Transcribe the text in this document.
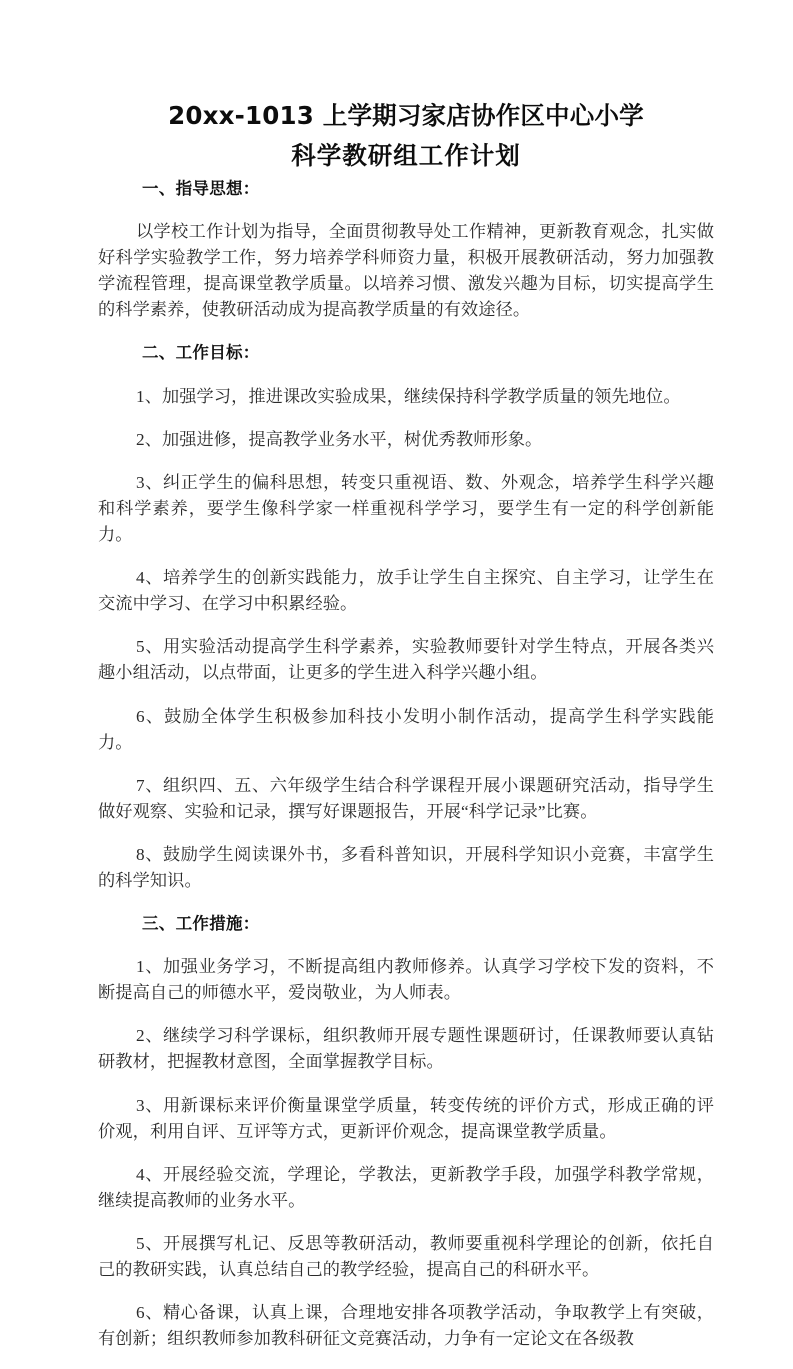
20xx-1013 上学期习家店协作区中心小学
科学教研组工作计划
一、指导思想：

以学校工作计划为指导，全面贯彻教导处工作精神，更新教育观念，扎实做好科学实验教学工作，努力培养学科师资力量，积极开展教研活动，努力加强教学流程管理，提高课堂教学质量。以培养习惯、激发兴趣为目标，切实提高学生的科学素养，使教研活动成为提高教学质量的有效途径。

二、工作目标：

1、加强学习，推进课改实验成果，继续保持科学教学质量的领先地位。

2、加强进修，提高教学业务水平，树优秀教师形象。

3、纠正学生的偏科思想，转变只重视语、数、外观念，培养学生科学兴趣和科学素养，要学生像科学家一样重视科学学习，要学生有一定的科学创新能力。

4、培养学生的创新实践能力，放手让学生自主探究、自主学习，让学生在交流中学习、在学习中积累经验。

5、用实验活动提高学生科学素养，实验教师要针对学生特点，开展各类兴趣小组活动，以点带面，让更多的学生进入科学兴趣小组。

6、鼓励全体学生积极参加科技小发明小制作活动，提高学生科学实践能力。

7、组织四、五、六年级学生结合科学课程开展小课题研究活动，指导学生做好观察、实验和记录，撰写好课题报告，开展“科学记录”比赛。

8、鼓励学生阅读课外书，多看科普知识，开展科学知识小竞赛，丰富学生的科学知识。

三、工作措施：

1、加强业务学习，不断提高组内教师修养。认真学习学校下发的资料，不断提高自己的师德水平，爱岗敬业，为人师表。

2、继续学习科学课标，组织教师开展专题性课题研讨，任课教师要认真钻研教材，把握教材意图，全面掌握教学目标。

3、用新课标来评价衡量课堂学质量，转变传统的评价方式，形成正确的评价观，利用自评、互评等方式，更新评价观念，提高课堂教学质量。

4、开展经验交流，学理论，学教法，更新教学手段，加强学科教学常规，继续提高教师的业务水平。

5、开展撰写札记、反思等教研活动，教师要重视科学理论的创新，依托自己的教研实践，认真总结自己的教学经验，提高自己的科研水平。

6、精心备课，认真上课，合理地安排各项教学活动，争取教学上有突破，有创新；组织教师参加教科研征文竞赛活动，力争有一定论文在各级教
